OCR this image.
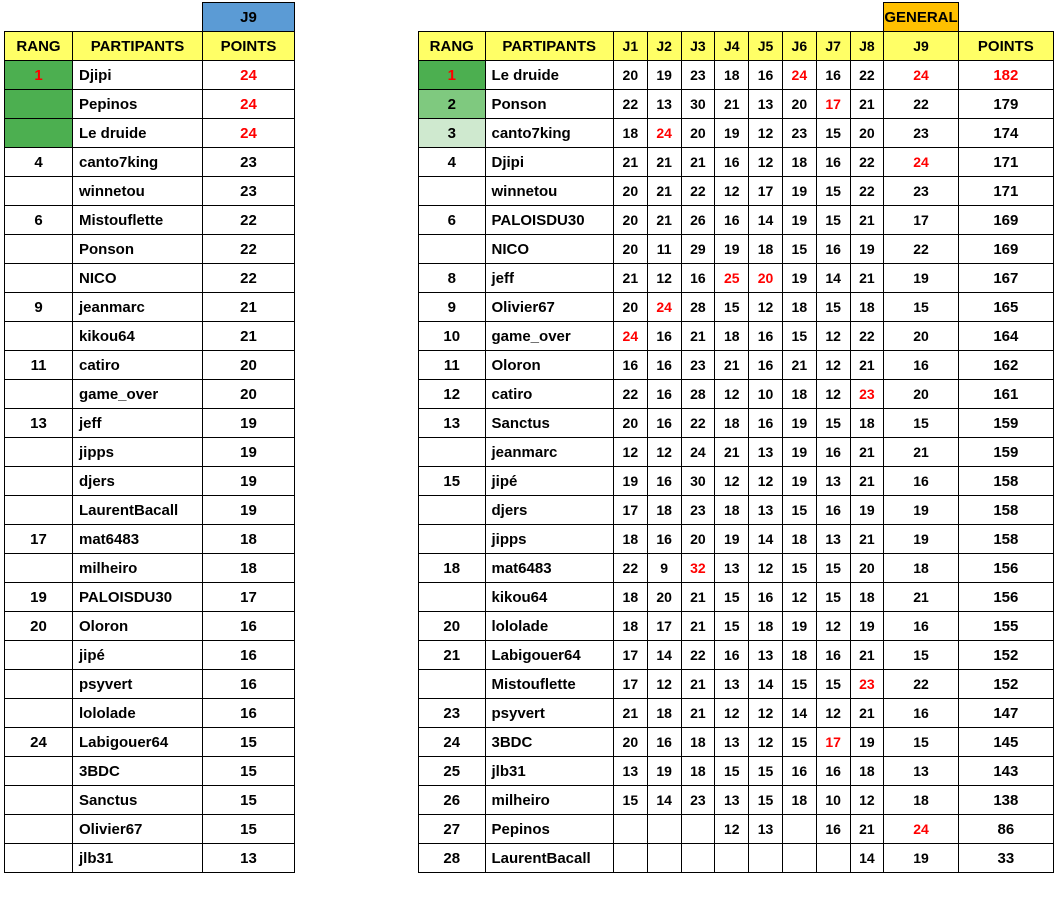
		J9			
RANG	PARTIPANTS	POINTS			
1	Djipi	24			
	Pepinos	24			
	Le druide	24			
4	canto7king	23			
	winnetou	23			
6	Mistouflette	22			
	Ponson	22			
	NICO	22			
9	jeanmarc	21			
	kikou64	21			
11	catiro	20			
	game_over	20			
13	jeff	19			
	jipps	19			
	djers	19			
	LaurentBacall	19			
17	mat6483	18			
	milheiro	18			
19	PALOISDU30	17			
20	Oloron	16			
	jipé	16			
	psyvert	16			
	lololade	16			
24	Labigouer64	15			
	3BDC	15			
	Sanctus	15			
	Olivier67	15			
	jlb31	13			
										GENERAL	
RANG	PARTIPANTS	J1	J2	J3	J4	J5	J6	J7	J8	J9	POINTS
1	Le druide	20	19	23	18	16	24	16	22	24	182
2	Ponson	22	13	30	21	13	20	17	21	22	179
3	canto7king	18	24	20	19	12	23	15	20	23	174
4	Djipi	21	21	21	16	12	18	16	22	24	171
	winnetou	20	21	22	12	17	19	15	22	23	171
6	PALOISDU30	20	21	26	16	14	19	15	21	17	169
	NICO	20	11	29	19	18	15	16	19	22	169
8	jeff	21	12	16	25	20	19	14	21	19	167
9	Olivier67	20	24	28	15	12	18	15	18	15	165
10	game_over	24	16	21	18	16	15	12	22	20	164
11	Oloron	16	16	23	21	16	21	12	21	16	162
12	catiro	22	16	28	12	10	18	12	23	20	161
13	Sanctus	20	16	22	18	16	19	15	18	15	159
	jeanmarc	12	12	24	21	13	19	16	21	21	159
15	jipé	19	16	30	12	12	19	13	21	16	158
	djers	17	18	23	18	13	15	16	19	19	158
	jipps	18	16	20	19	14	18	13	21	19	158
18	mat6483	22	9	32	13	12	15	15	20	18	156
	kikou64	18	20	21	15	16	12	15	18	21	156
20	lololade	18	17	21	15	18	19	12	19	16	155
21	Labigouer64	17	14	22	16	13	18	16	21	15	152
	Mistouflette	17	12	21	13	14	15	15	23	22	152
23	psyvert	21	18	21	12	12	14	12	21	16	147
24	3BDC	20	16	18	13	12	15	17	19	15	145
25	jlb31	13	19	18	15	15	16	16	18	13	143
26	milheiro	15	14	23	13	15	18	10	12	18	138
27	Pepinos				12	13		16	21	24	86
28	LaurentBacall								14	19	33
